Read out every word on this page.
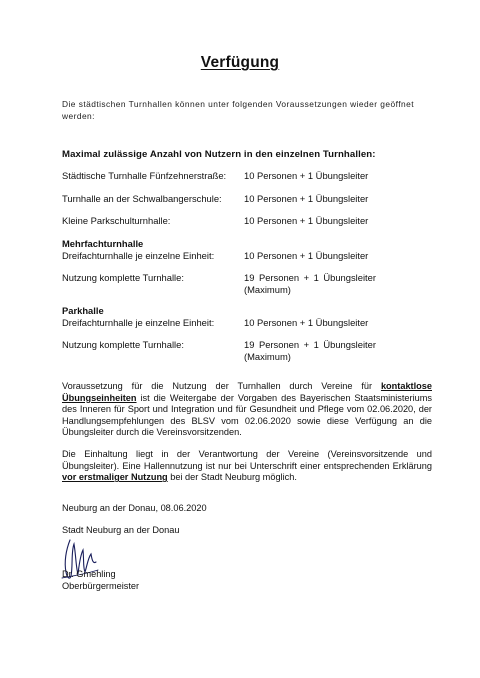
Verfügung
Die städtischen Turnhallen können unter folgenden Voraussetzungen wieder geöffnet werden:
Maximal zulässige Anzahl von Nutzern in den einzelnen Turnhallen:
Städtische Turnhalle Fünfzehnerstraße: 10 Personen + 1 Übungsleiter
Turnhalle an der Schwalbangerschule: 10 Personen + 1 Übungsleiter
Kleine Parkschulturnhalle:	10 Personen + 1 Übungsleiter
Mehrfachturnhalle
Dreifachturnhalle je einzelne Einheit:	10 Personen + 1 Übungsleiter
Nutzung komplette Turnhalle:	19 Personen + 1 Übungsleiter (Maximum)
Parkhalle
Dreifachturnhalle je einzelne Einheit:	10 Personen + 1 Übungsleiter
Nutzung komplette Turnhalle:	19 Personen + 1 Übungsleiter (Maximum)
Voraussetzung für die Nutzung der Turnhallen durch Vereine für kontaktlose Übungseinheiten ist die Weitergabe der Vorgaben des Bayerischen Staatsministeriums des Inneren für Sport und Integration und für Gesundheit und Pflege vom 02.06.2020, der Handlungsempfehlungen des BLSV vom 02.06.2020 sowie diese Verfügung an die Übungsleiter durch die Vereinsvorsitzenden.
Die Einhaltung liegt in der Verantwortung der Vereine (Vereinsvorsitzende und Übungsleiter). Eine Hallennutzung ist nur bei Unterschrift einer entsprechenden Erklärung vor erstmaliger Nutzung bei der Stadt Neuburg möglich.
Neuburg an der Donau, 08.06.2020
Stadt Neuburg an der Donau
Dr. Gmehling
Oberbürgermeister
